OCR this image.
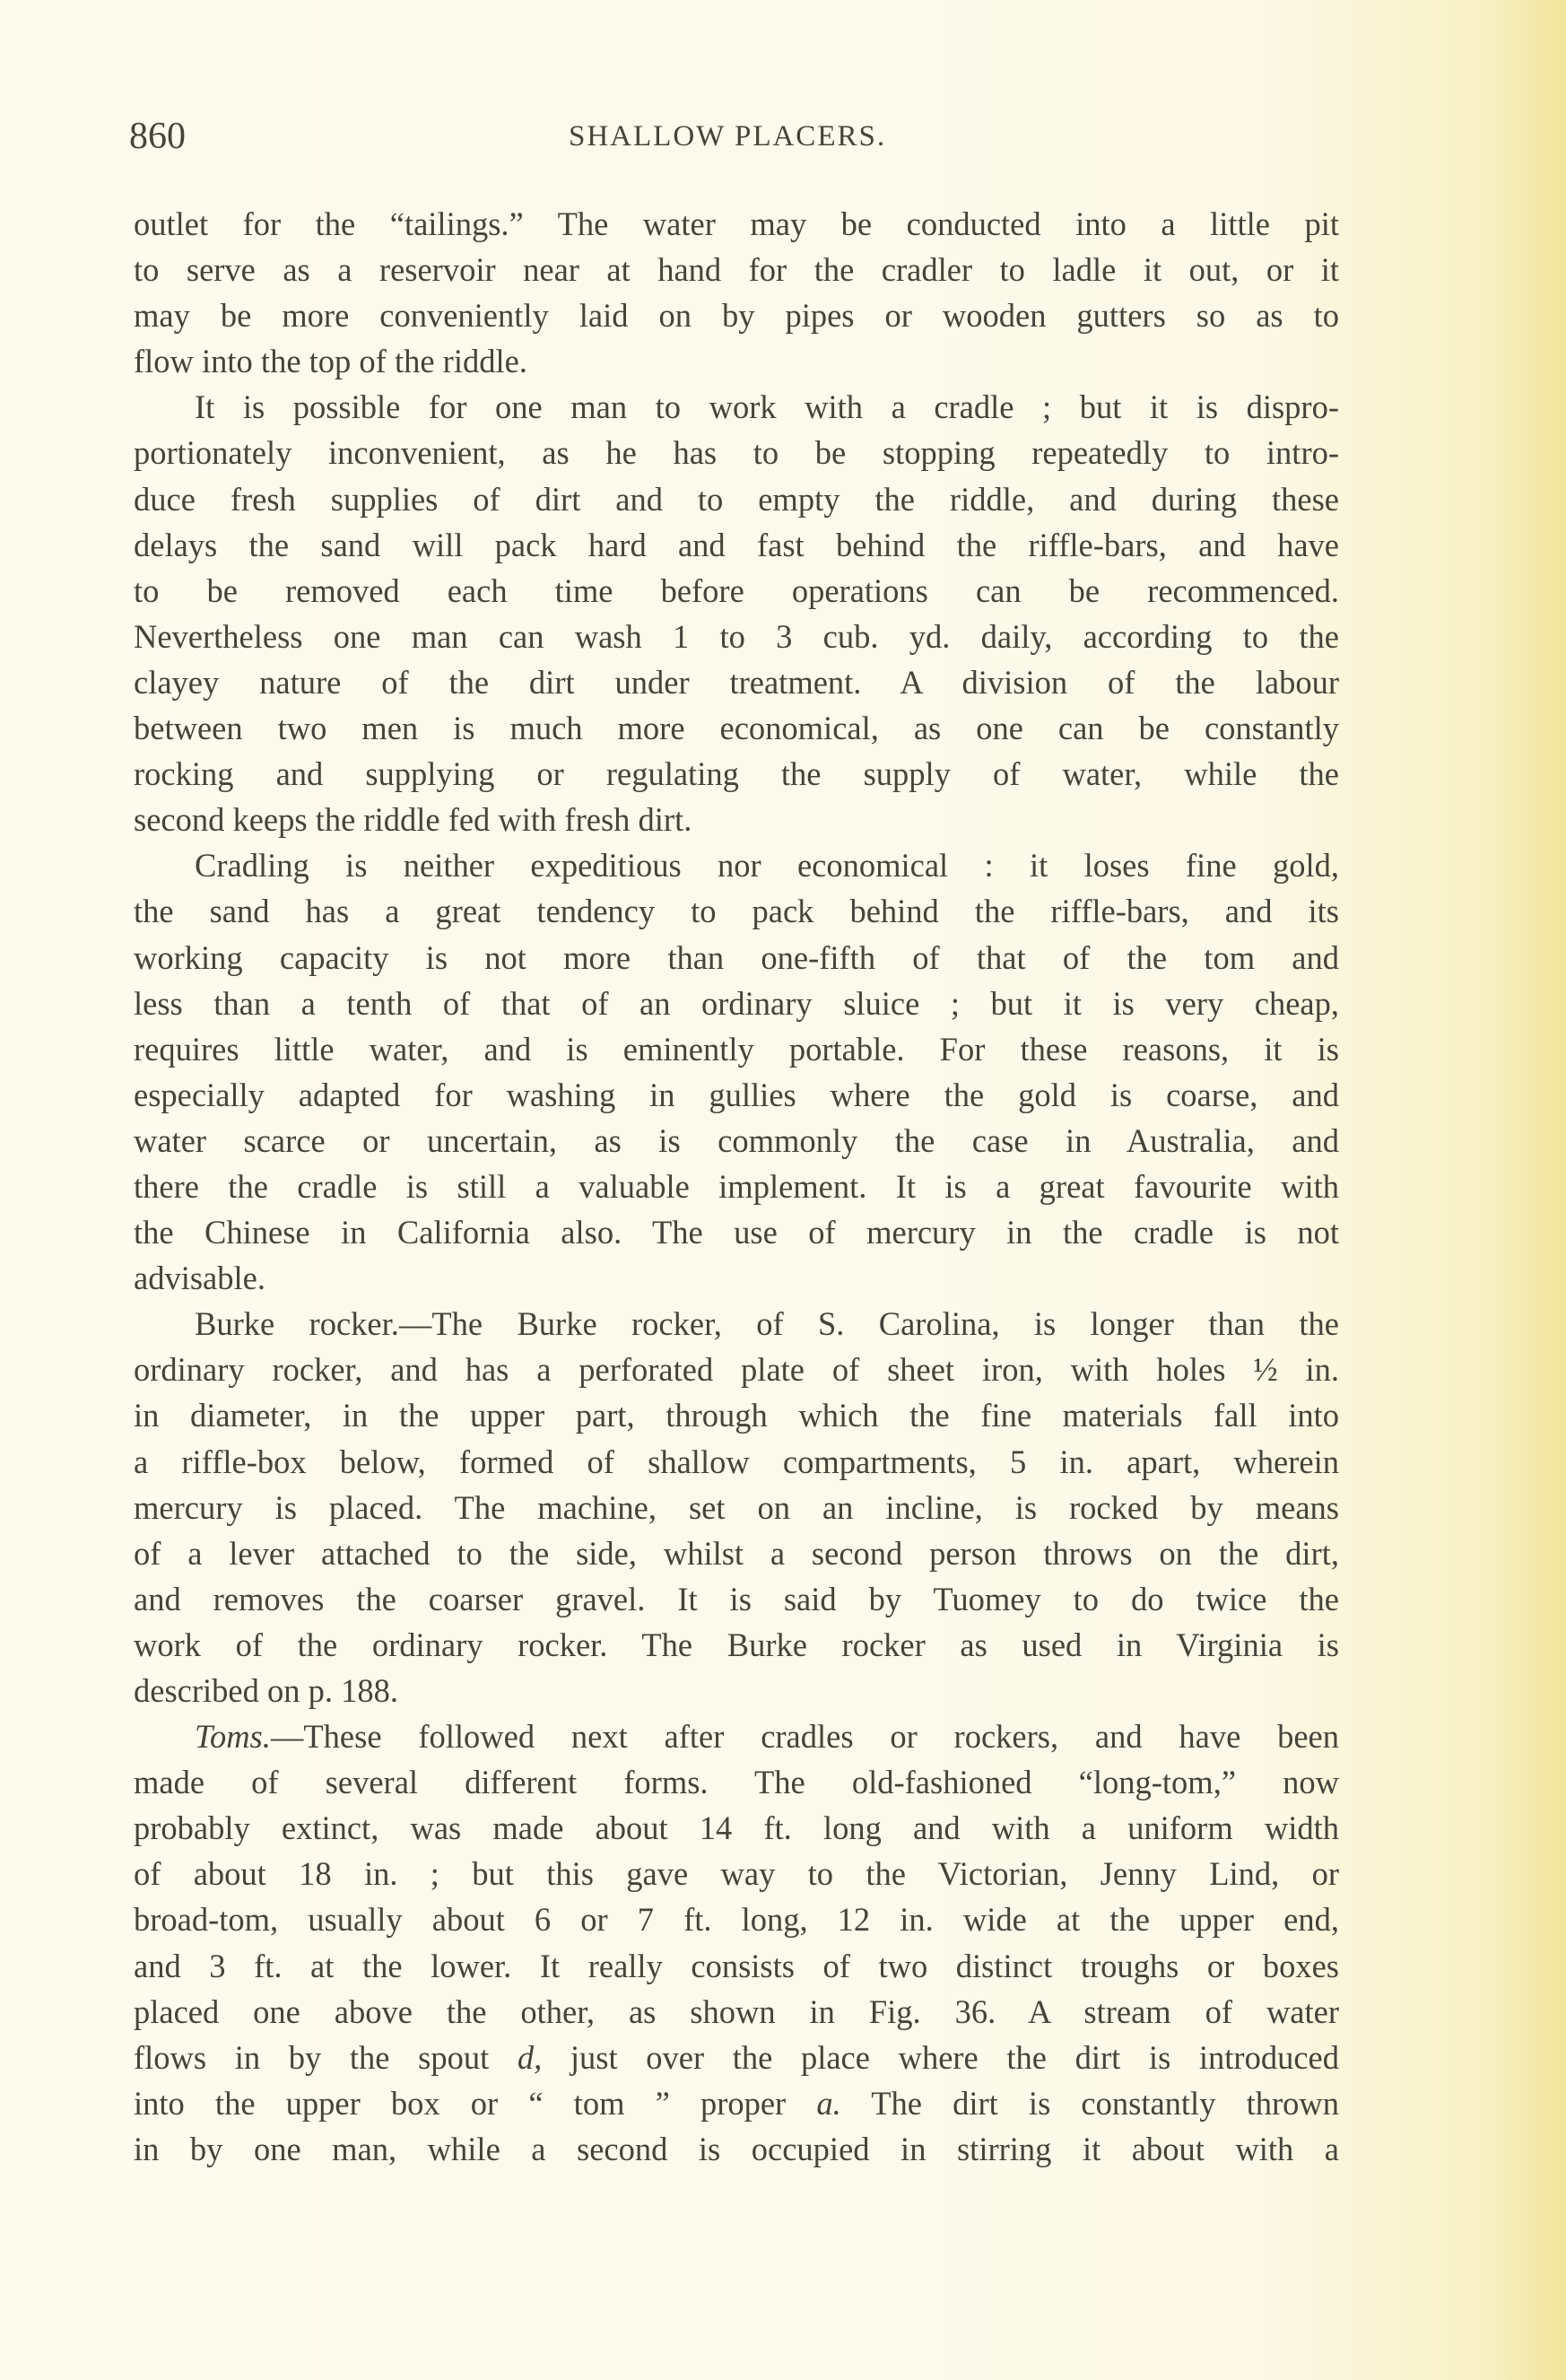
860	SHALLOW PLACERS.
outlet for the “tailings.” The water may be conducted into a little pit
to serve as a reservoir near at hand for the cradler to ladle it out, or it
may be more conveniently laid on by pipes or wooden gutters so as to
flow into the top of the riddle.
It is possible for one man to work with a cradle ; but it is dispro-
portionately inconvenient, as he has to be stopping repeatedly to intro-
duce fresh supplies of dirt and to empty the riddle, and during these
delays the sand will pack hard and fast behind the riffle-bars, and have
to be removed each time before operations can be recommenced.
Nevertheless one man can wash 1 to 3 cub. yd. daily, according to the
clayey nature of the dirt under treatment. A division of the labour
between two men is much more economical, as one can be constantly
rocking and supplying or regulating the supply of water, while the
second keeps the riddle fed with fresh dirt.
Cradling is neither expeditious nor economical : it loses fine gold,
the sand has a great tendency to pack behind the riffle-bars, and its
working capacity is not more than one-fifth of that of the tom and
less than a tenth of that of an ordinary sluice ; but it is very cheap,
requires little water, and is eminently portable. For these reasons, it is
especially adapted for washing in gullies where the gold is coarse, and
water scarce or uncertain, as is commonly the case in Australia, and
there the cradle is still a valuable implement. It is a great favourite with
the Chinese in California also. The use of mercury in the cradle is not
advisable.
Burke rocker.—The Burke rocker, of S. Carolina, is longer than the
ordinary rocker, and has a perforated plate of sheet iron, with holes ½ in.
in diameter, in the upper part, through which the fine materials fall into
a riffle-box below, formed of shallow compartments, 5 in. apart, wherein
mercury is placed. The machine, set on an incline, is rocked by means
of a lever attached to the side, whilst a second person throws on the dirt,
and removes the coarser gravel. It is said by Tuomey to do twice the
work of the ordinary rocker. The Burke rocker as used in Virginia is
described on p. 188.
Toms.—These followed next after cradles or rockers, and have been
made of several different forms. The old-fashioned “long-tom,” now
probably extinct, was made about 14 ft. long and with a uniform width
of about 18 in. ; but this gave way to the Victorian, Jenny Lind, or
broad-tom, usually about 6 or 7 ft. long, 12 in. wide at the upper end,
and 3 ft. at the lower. It really consists of two distinct troughs or boxes
placed one above the other, as shown in Fig. 36. A stream of water
flows in by the spout d, just over the place where the dirt is introduced
into the upper box or “ tom ” proper a. The dirt is constantly thrown
in by one man, while a second is occupied in stirring it about with a
